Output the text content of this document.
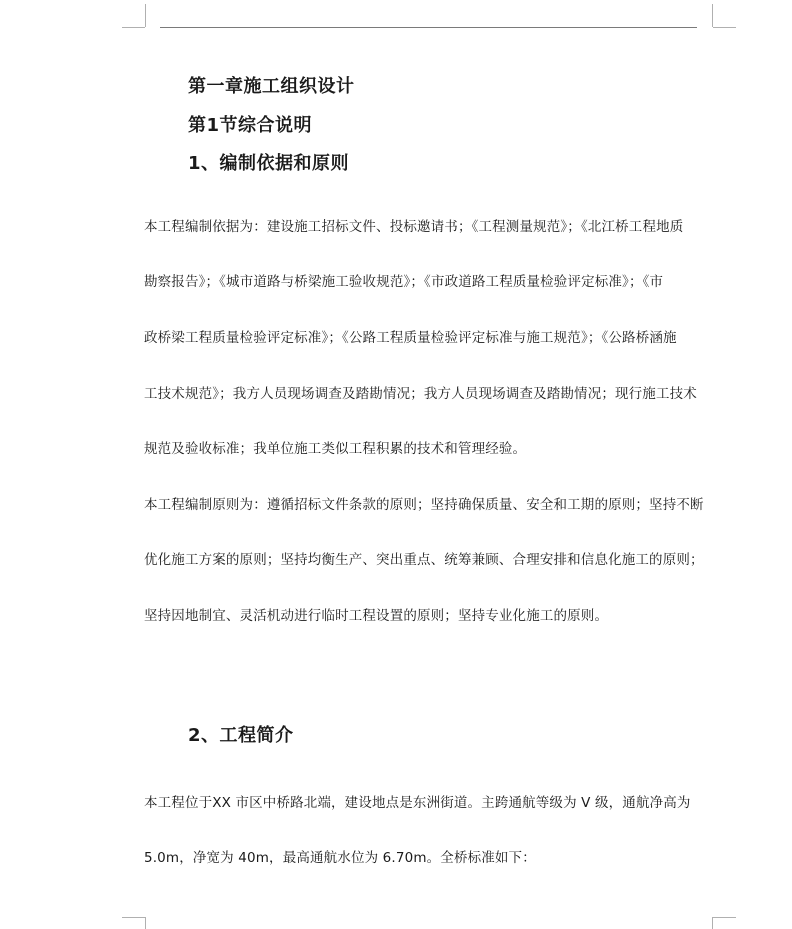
第一章施工组织设计
第1节综合说明
1、编制依据和原则

本工程编制依据为：建设施工招标文件、投标邀请书；《工程测量规范》；《北江桥工程地质

勘察报告》；《城市道路与桥梁施工验收规范》；《市政道路工程质量检验评定标准》；《市

政桥梁工程质量检验评定标准》；《公路工程质量检验评定标准与施工规范》；《公路桥涵施

工技术规范》；我方人员现场调查及踏勘情况；我方人员现场调查及踏勘情况；现行施工技术

规范及验收标准；我单位施工类似工程积累的技术和管理经验。

本工程编制原则为：遵循招标文件条款的原则；坚持确保质量、安全和工期的原则；坚持不断

优化施工方案的原则；坚持均衡生产、突出重点、统筹兼顾、合理安排和信息化施工的原则；

坚持因地制宜、灵活机动进行临时工程设置的原则；坚持专业化施工的原则。

2、工程简介

本工程位于XX 市区中桥路北端，建设地点是东洲街道。主跨通航等级为 V 级，通航净高为

5.0m，净宽为 40m，最高通航水位为 6.70m。全桥标准如下：
